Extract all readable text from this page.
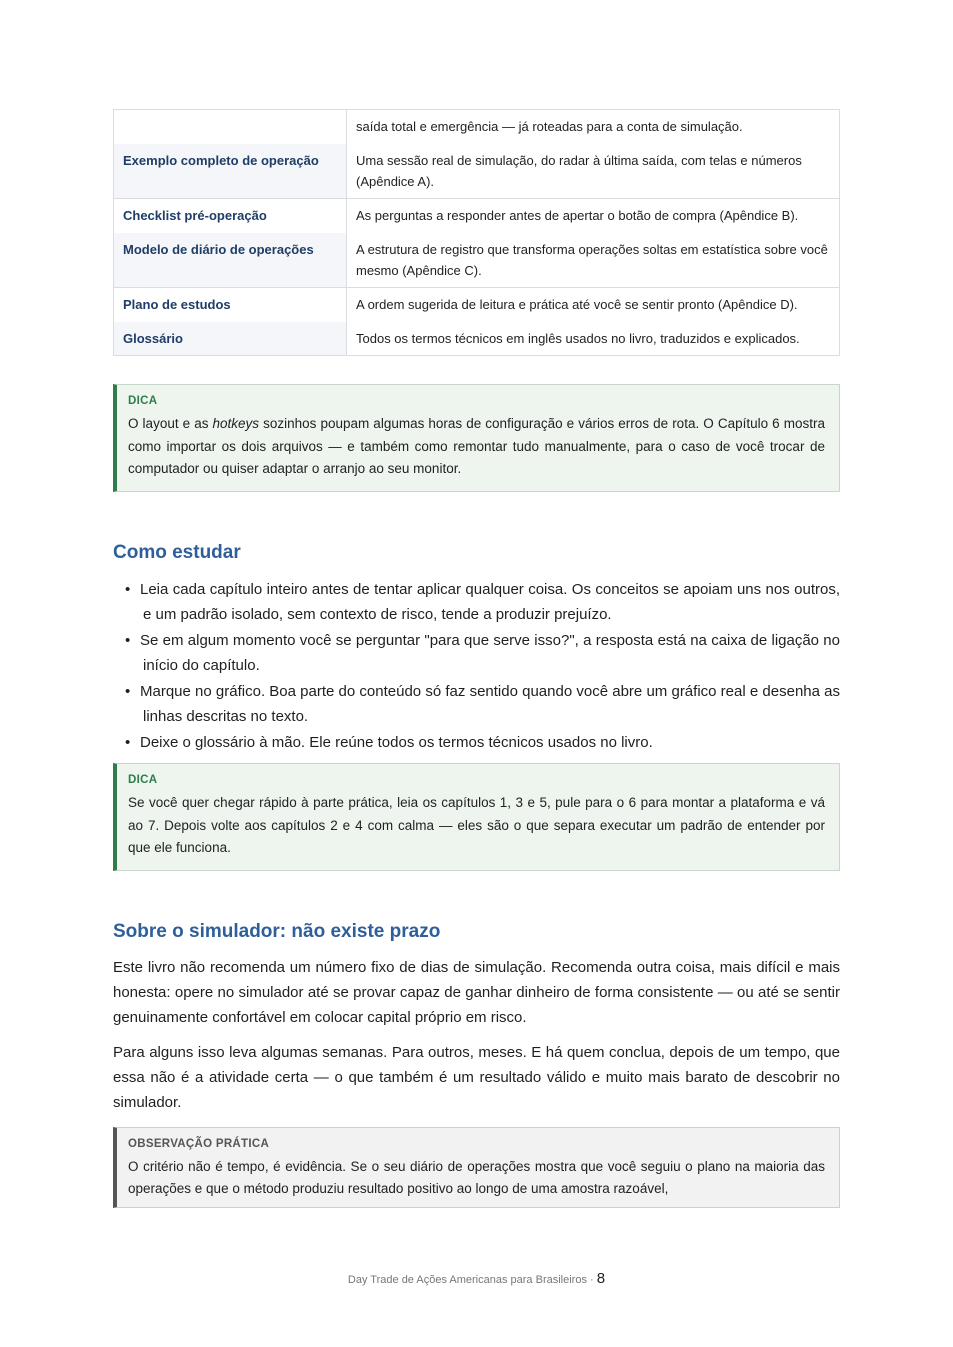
	saída total e emergência — já roteadas para a conta de simulação.
Exemplo completo de operação	Uma sessão real de simulação, do radar à última saída, com telas e números (Apêndice A).
Checklist pré-operação	As perguntas a responder antes de apertar o botão de compra (Apêndice B).
Modelo de diário de operações	A estrutura de registro que transforma operações soltas em estatística sobre você mesmo (Apêndice C).
Plano de estudos	A ordem sugerida de leitura e prática até você se sentir pronto (Apêndice D).
Glossário	Todos os termos técnicos em inglês usados no livro, traduzidos e explicados.
DICA
O layout e as hotkeys sozinhos poupam algumas horas de configuração e vários erros de rota. O Capítulo 6 mostra como importar os dois arquivos — e também como remontar tudo manualmente, para o caso de você trocar de computador ou quiser adaptar o arranjo ao seu monitor.
Como estudar
• Leia cada capítulo inteiro antes de tentar aplicar qualquer coisa. Os conceitos se apoiam uns nos outros, e um padrão isolado, sem contexto de risco, tende a produzir prejuízo.
• Se em algum momento você se perguntar "para que serve isso?", a resposta está na caixa de ligação no início do capítulo.
• Marque no gráfico. Boa parte do conteúdo só faz sentido quando você abre um gráfico real e desenha as linhas descritas no texto.
• Deixe o glossário à mão. Ele reúne todos os termos técnicos usados no livro.
DICA
Se você quer chegar rápido à parte prática, leia os capítulos 1, 3 e 5, pule para o 6 para montar a plataforma e vá ao 7. Depois volte aos capítulos 2 e 4 com calma — eles são o que separa executar um padrão de entender por que ele funciona.
Sobre o simulador: não existe prazo

Este livro não recomenda um número fixo de dias de simulação. Recomenda outra coisa, mais difícil e mais honesta: opere no simulador até se provar capaz de ganhar dinheiro de forma consistente — ou até se sentir genuinamente confortável em colocar capital próprio em risco.

Para alguns isso leva algumas semanas. Para outros, meses. E há quem conclua, depois de um tempo, que essa não é a atividade certa — o que também é um resultado válido e muito mais barato de descobrir no simulador.

OBSERVAÇÃO PRÁTICA
O critério não é tempo, é evidência. Se o seu diário de operações mostra que você seguiu o plano na maioria das operações e que o método produziu resultado positivo ao longo de uma amostra razoável,
Day Trade de Ações Americanas para Brasileiros · 8
